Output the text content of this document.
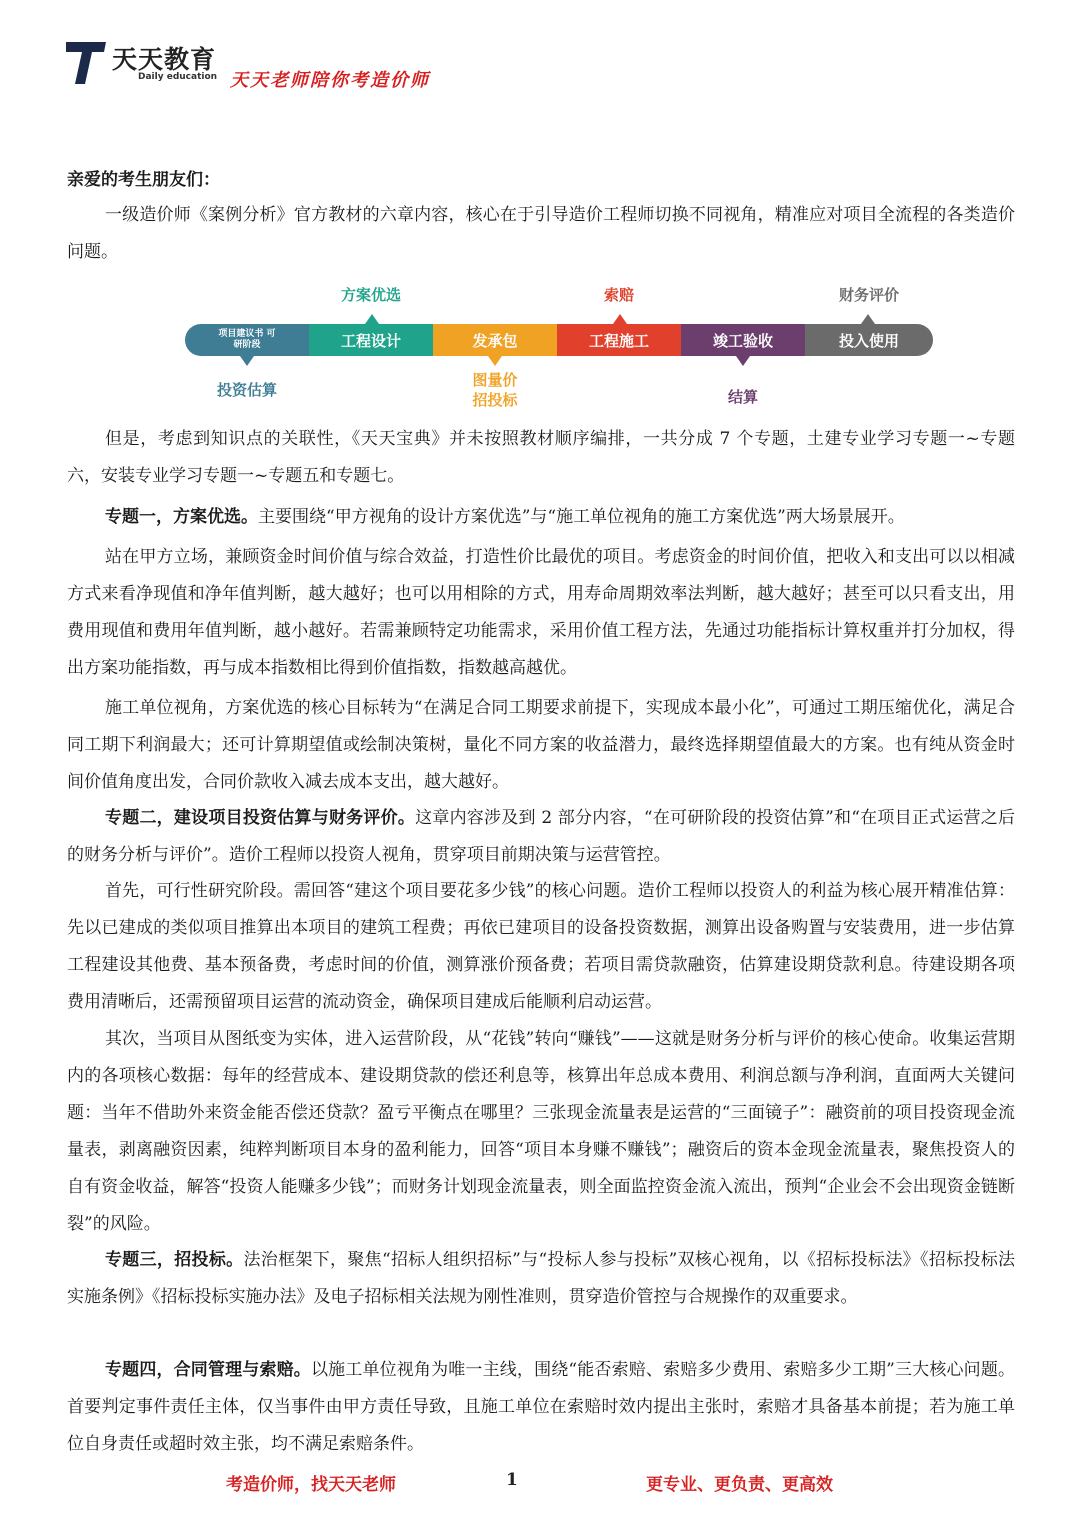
天天教育
Daily education 天天老师陪你考造价师
亲爱的考生朋友们：

一级造价师《案例分析》官方教材的六章内容，核心在于引导造价工程师切换不同视角，精准应对项目全流程的各类造价问题。

项目建议书 可研阶段	工程设计	发承包	工程施工	竣工验收	投入使用
方案优选	索赔	财务评价
投资估算
图量价
招投标	结算

但是，考虑到知识点的关联性，《天天宝典》并未按照教材顺序编排，一共分成 7 个专题，土建专业学习专题一~专题六，安装专业学习专题一~专题五和专题七。

专题一，方案优选。主要围绕“甲方视角的设计方案优选”与“施工单位视角的施工方案优选”两大场景展开。

站在甲方立场，兼顾资金时间价值与综合效益，打造性价比最优的项目。考虑资金的时间价值，把收入和支出可以以相减方式来看净现值和净年值判断，越大越好；也可以用相除的方式，用寿命周期效率法判断，越大越好；甚至可以只看支出，用费用现值和费用年值判断，越小越好。若需兼顾特定功能需求，采用价值工程方法，先通过功能指标计算权重并打分加权，得出方案功能指数，再与成本指数相比得到价值指数，指数越高越优。

施工单位视角，方案优选的核心目标转为“在满足合同工期要求前提下，实现成本最小化”，可通过工期压缩优化，满足合同工期下利润最大；还可计算期望值或绘制决策树，量化不同方案的收益潜力，最终选择期望值最大的方案。也有纯从资金时间价值角度出发，合同价款收入减去成本支出，越大越好。

专题二，建设项目投资估算与财务评价。这章内容涉及到 2 部分内容，“在可研阶段的投资估算”和“在项目正式运营之后的财务分析与评价”。造价工程师以投资人视角，贯穿项目前期决策与运营管控。

首先，可行性研究阶段。需回答“建这个项目要花多少钱”的核心问题。造价工程师以投资人的利益为核心展开精准估算：先以已建成的类似项目推算出本项目的建筑工程费；再依已建项目的设备投资数据，测算出设备购置与安装费用，进一步估算工程建设其他费、基本预备费，考虑时间的价值，测算涨价预备费；若项目需贷款融资，估算建设期贷款利息。待建设期各项费用清晰后，还需预留项目运营的流动资金，确保项目建成后能顺利启动运营。

其次，当项目从图纸变为实体，进入运营阶段，从“花钱”转向“赚钱”——这就是财务分析与评价的核心使命。收集运营期内的各项核心数据：每年的经营成本、建设期贷款的偿还利息等，核算出年总成本费用、利润总额与净利润，直面两大关键问题：当年不借助外来资金能否偿还贷款？盈亏平衡点在哪里？三张现金流量表是运营的“三面镜子”：融资前的项目投资现金流量表，剥离融资因素，纯粹判断项目本身的盈利能力，回答“项目本身赚不赚钱”；融资后的资本金现金流量表，聚焦投资人的自有资金收益，解答“投资人能赚多少钱”；而财务计划现金流量表，则全面监控资金流入流出，预判“企业会不会出现资金链断裂”的风险。

专题三，招投标。法治框架下，聚焦“招标人组织招标”与“投标人参与投标”双核心视角，以《招标投标法》《招标投标法实施条例》《招标投标实施办法》及电子招标相关法规为刚性准则，贯穿造价管控与合规操作的双重要求。

专题四，合同管理与索赔。以施工单位视角为唯一主线，围绕“能否索赔、索赔多少费用、索赔多少工期”三大核心问题。首要判定事件责任主体，仅当事件由甲方责任导致，且施工单位在索赔时效内提出主张时，索赔才具备基本前提；若为施工单位自身责任或超时效主张，均不满足索赔条件。

考造价师，找天天老师	1	更专业、更负责、更高效
